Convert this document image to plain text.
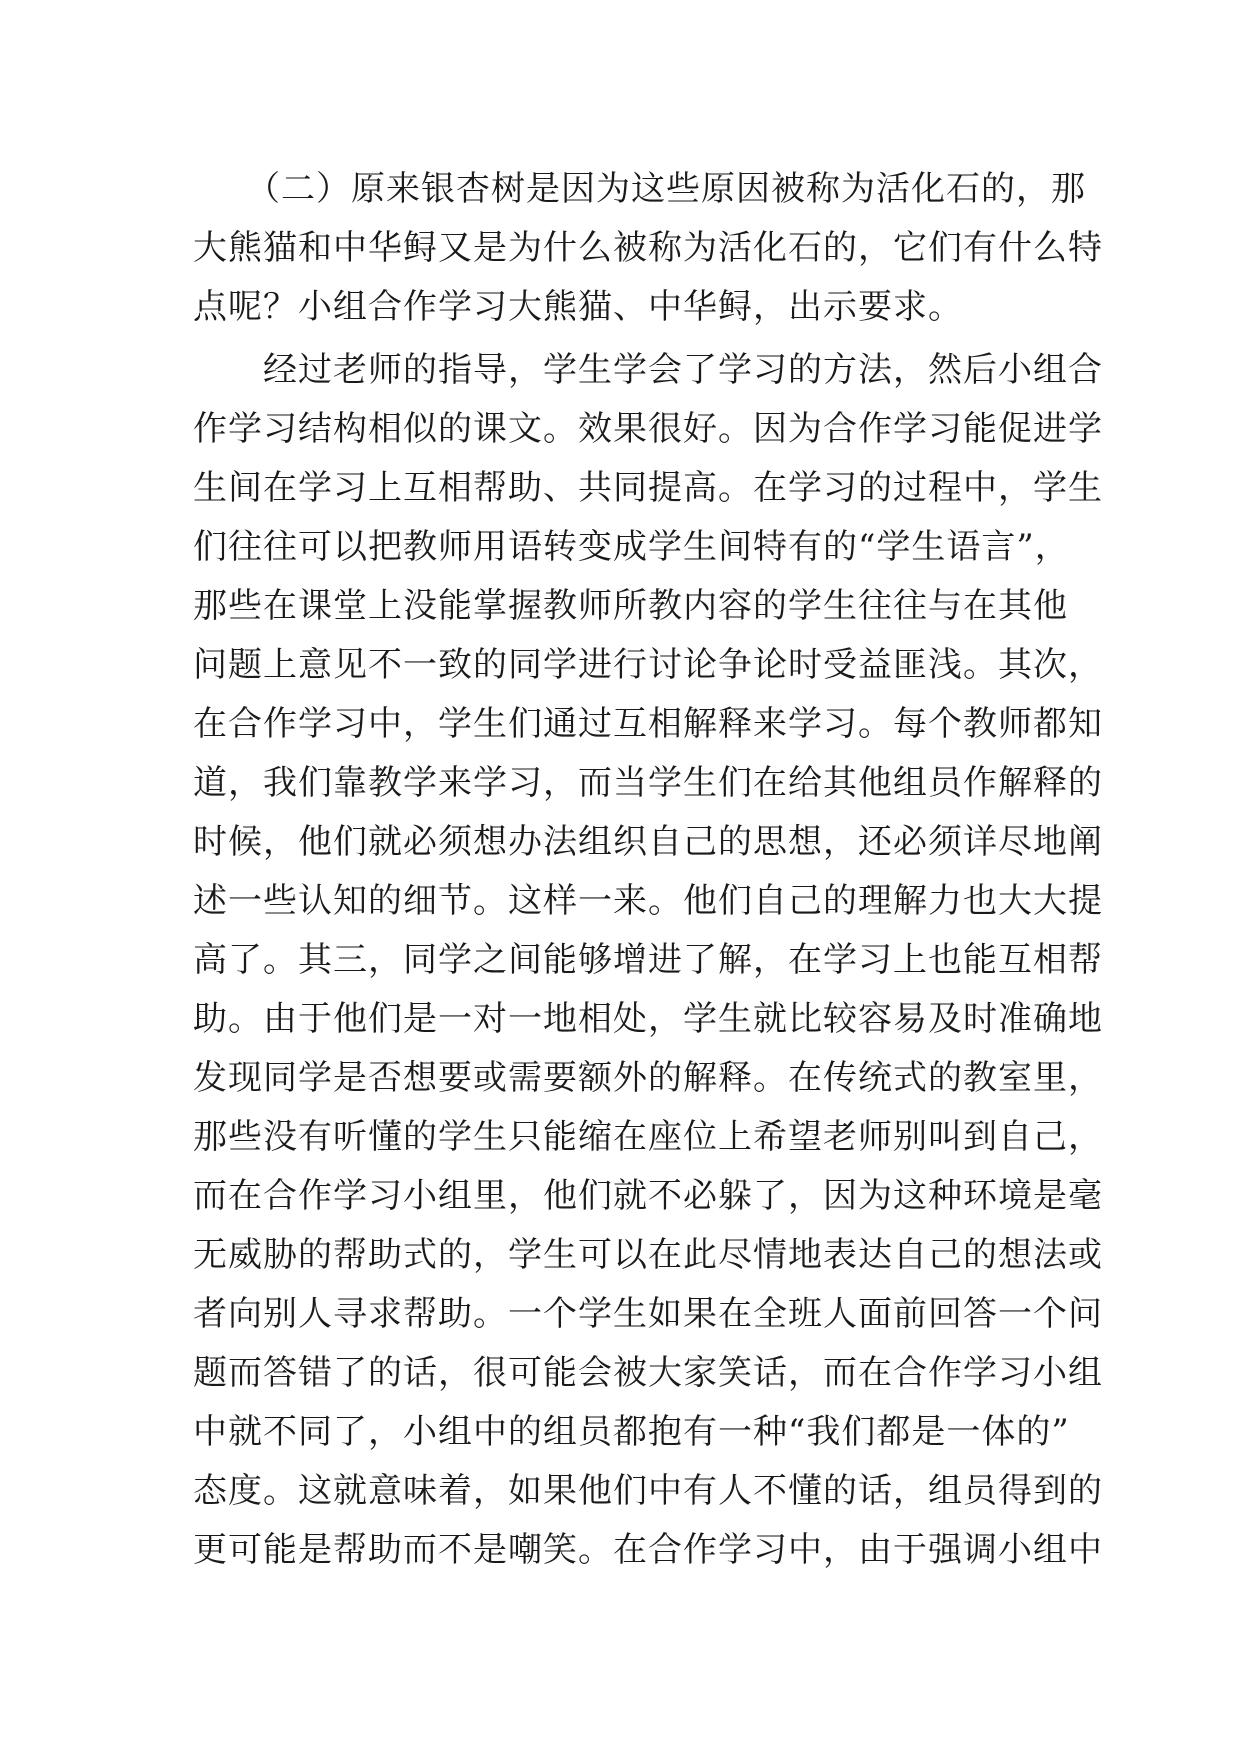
　　（二）原来银杏树是因为这些原因被称为活化石的，那
大熊猫和中华鲟又是为什么被称为活化石的，它们有什么特
点呢？小组合作学习大熊猫、中华鲟，出示要求。
　　经过老师的指导，学生学会了学习的方法，然后小组合
作学习结构相似的课文。效果很好。因为合作学习能促进学
生间在学习上互相帮助、共同提高。在学习的过程中，学生
们往往可以把教师用语转变成学生间特有的“学生语言”，
那些在课堂上没能掌握教师所教内容的学生往往与在其他
问题上意见不一致的同学进行讨论争论时受益匪浅。其次，
在合作学习中，学生们通过互相解释来学习。每个教师都知
道，我们靠教学来学习，而当学生们在给其他组员作解释的
时候，他们就必须想办法组织自己的思想，还必须详尽地阐
述一些认知的细节。这样一来。他们自己的理解力也大大提
高了。其三，同学之间能够增进了解，在学习上也能互相帮
助。由于他们是一对一地相处，学生就比较容易及时准确地
发现同学是否想要或需要额外的解释。在传统式的教室里，
那些没有听懂的学生只能缩在座位上希望老师别叫到自己，
而在合作学习小组里，他们就不必躲了，因为这种环境是毫
无威胁的帮助式的，学生可以在此尽情地表达自己的想法或
者向别人寻求帮助。一个学生如果在全班人面前回答一个问
题而答错了的话，很可能会被大家笑话，而在合作学习小组
中就不同了，小组中的组员都抱有一种“我们都是一体的”
态度。这就意味着，如果他们中有人不懂的话，组员得到的
更可能是帮助而不是嘲笑。在合作学习中，由于强调小组中
